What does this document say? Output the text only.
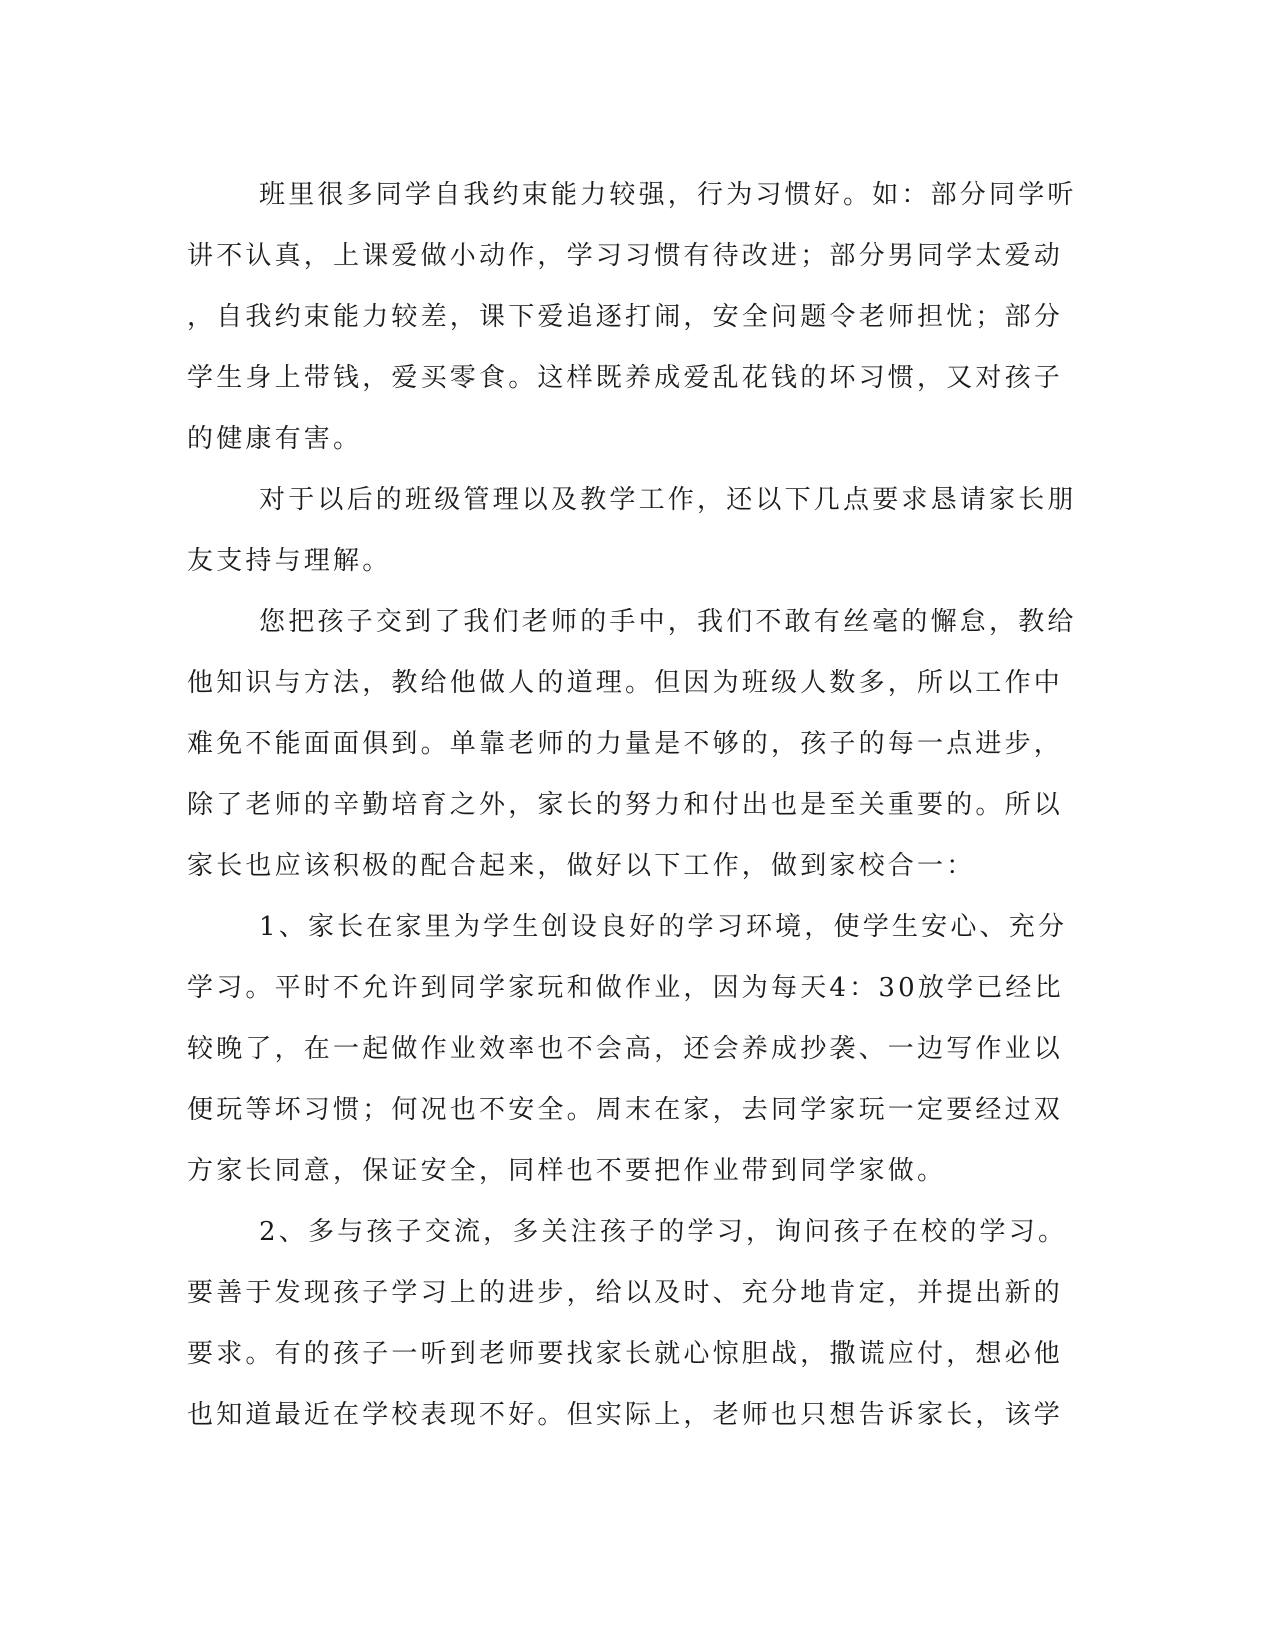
班里很多同学自我约束能力较强，行为习惯好。如：部分同学听
讲不认真，上课爱做小动作，学习习惯有待改进；部分男同学太爱动
，自我约束能力较差，课下爱追逐打闹，安全问题令老师担忧；部分
学生身上带钱，爱买零食。这样既养成爱乱花钱的坏习惯，又对孩子
的健康有害。
对于以后的班级管理以及教学工作，还以下几点要求恳请家长朋
友支持与理解。
您把孩子交到了我们老师的手中，我们不敢有丝毫的懈怠，教给
他知识与方法，教给他做人的道理。但因为班级人数多，所以工作中
难免不能面面俱到。单靠老师的力量是不够的，孩子的每一点进步，
除了老师的辛勤培育之外，家长的努力和付出也是至关重要的。所以
家长也应该积极的配合起来，做好以下工作，做到家校合一：
1、家长在家里为学生创设良好的学习环境，使学生安心、充分
学习。平时不允许到同学家玩和做作业，因为每天4：30放学已经比
较晚了，在一起做作业效率也不会高，还会养成抄袭、一边写作业以
便玩等坏习惯；何况也不安全。周末在家，去同学家玩一定要经过双
方家长同意，保证安全，同样也不要把作业带到同学家做。
2、多与孩子交流，多关注孩子的学习，询问孩子在校的学习。
要善于发现孩子学习上的进步，给以及时、充分地肯定，并提出新的
要求。有的孩子一听到老师要找家长就心惊胆战，撒谎应付，想必他
也知道最近在学校表现不好。但实际上，老师也只想告诉家长，该学
